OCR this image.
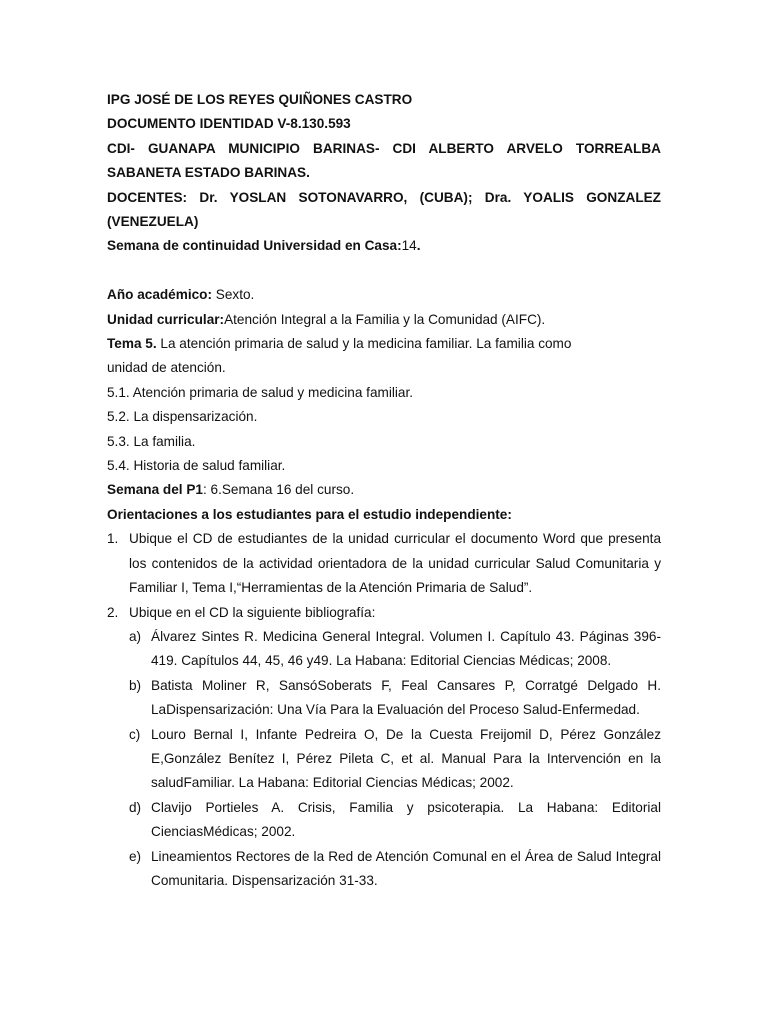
IPG JOSÉ DE LOS REYES QUIÑONES CASTRO
DOCUMENTO IDENTIDAD V-8.130.593
CDI- GUANAPA MUNICIPIO BARINAS- CDI ALBERTO ARVELO TORREALBA SABANETA ESTADO BARINAS.
DOCENTES: Dr. YOSLAN SOTONAVARRO, (CUBA); Dra. YOALIS GONZALEZ (VENEZUELA)
Semana de continuidad Universidad en Casa:14.
Año académico: Sexto.
Unidad curricular:Atención Integral a la Familia y la Comunidad (AIFC).
Tema 5. La atención primaria de salud y la medicina familiar. La familia como
unidad de atención.
5.1. Atención primaria de salud y medicina familiar.
5.2. La dispensarización.
5.3. La familia.
5.4. Historia de salud familiar.
Semana del P1: 6.Semana 16 del curso.
Orientaciones a los estudiantes para el estudio independiente:
1. Ubique el CD de estudiantes de la unidad curricular el documento Word que presenta los contenidos de la actividad orientadora de la unidad curricular Salud Comunitaria y Familiar I, Tema I,“Herramientas de la Atención Primaria de Salud”.
2. Ubique en el CD la siguiente bibliografía:
a) Álvarez Sintes R. Medicina General Integral. Volumen I. Capítulo 43. Páginas 396-419. Capítulos 44, 45, 46 y49. La Habana: Editorial Ciencias Médicas; 2008.
b) Batista Moliner R, SansóSoberats F, Feal Cansares P, Corratgé Delgado H. LaDispensarización: Una Vía Para la Evaluación del Proceso Salud-Enfermedad.
c) Louro Bernal I, Infante Pedreira O, De la Cuesta Freijomil D, Pérez González E,González Benítez I, Pérez Pileta C, et al. Manual Para la Intervención en la saludFamiliar. La Habana: Editorial Ciencias Médicas; 2002.
d) Clavijo Portieles A. Crisis, Familia y psicoterapia. La Habana: Editorial CienciasMédicas; 2002.
e) Lineamientos Rectores de la Red de Atención Comunal en el Área de Salud Integral Comunitaria. Dispensarización 31-33.
